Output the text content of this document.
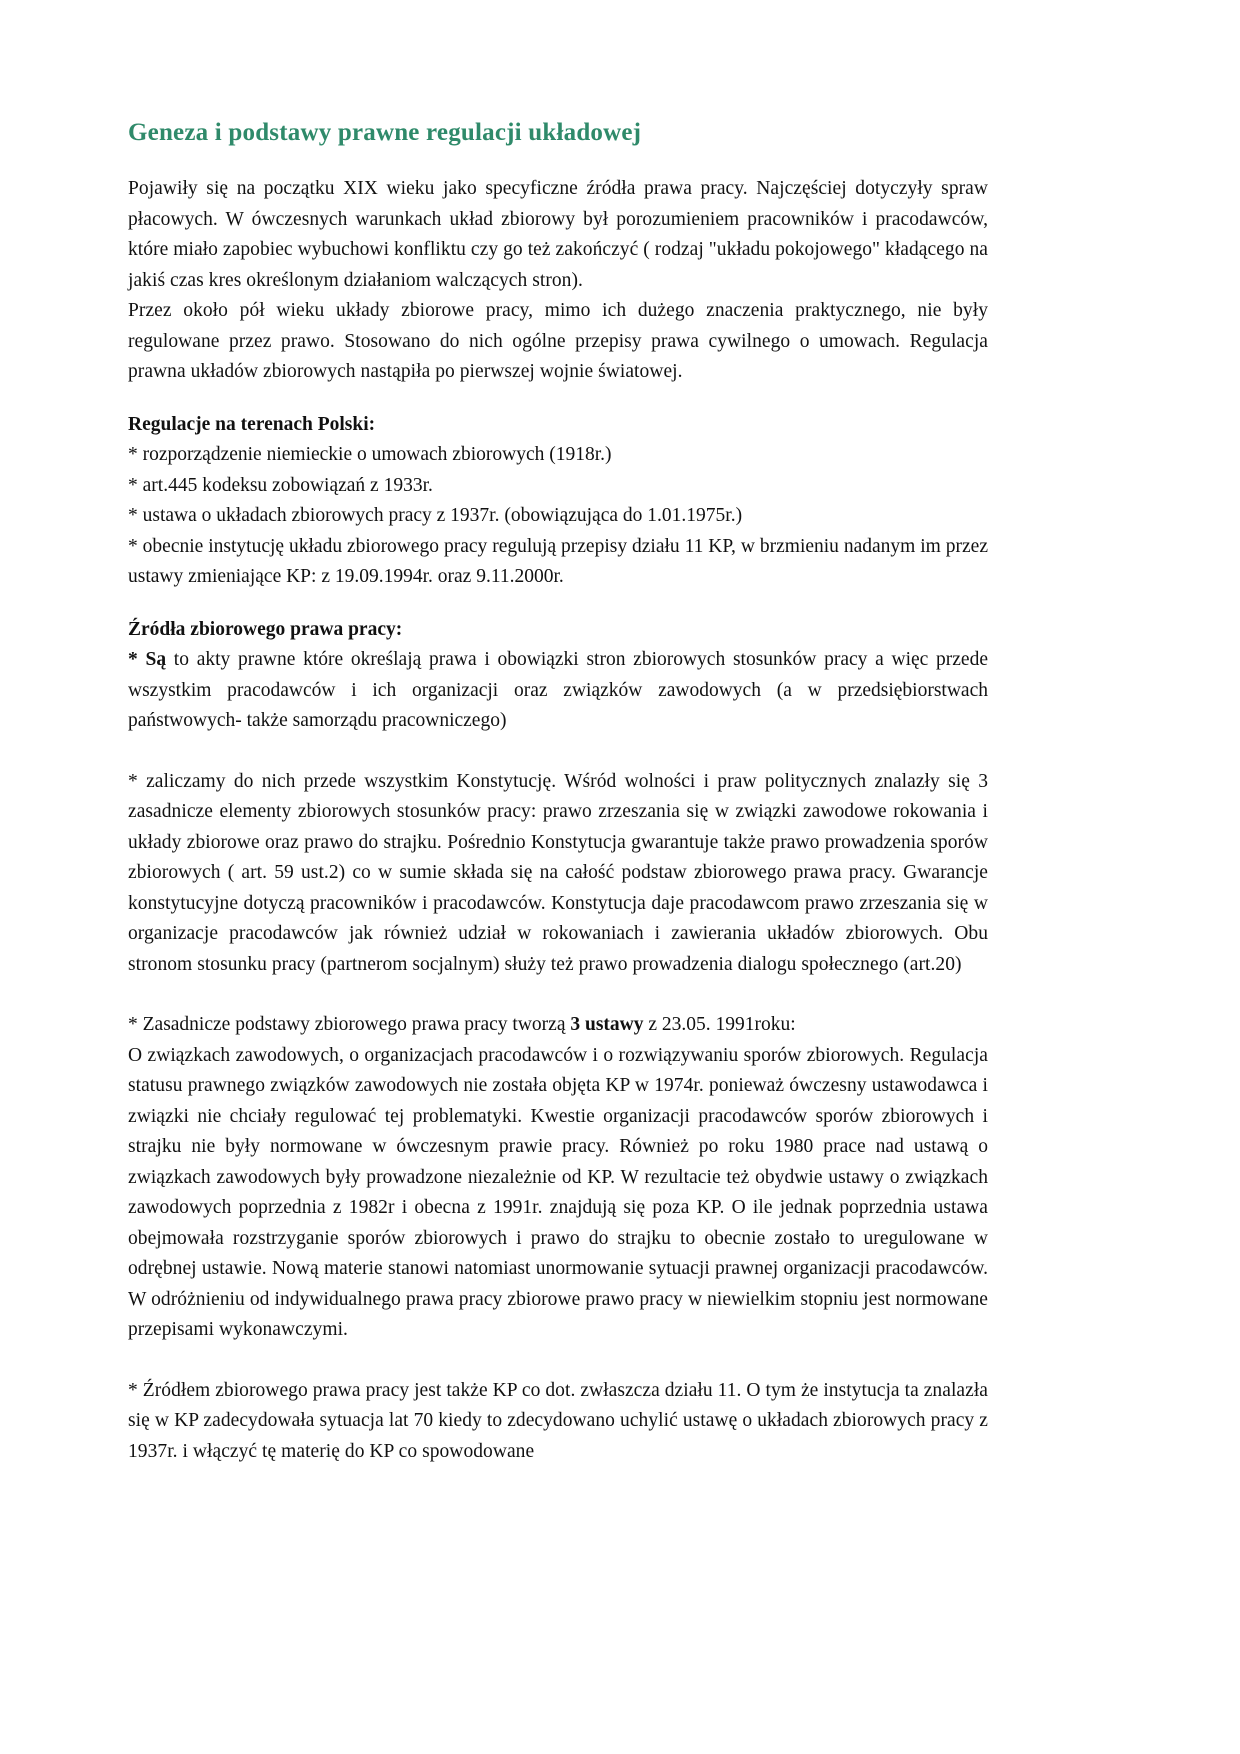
Geneza i podstawy prawne regulacji układowej

Pojawiły się na początku XIX wieku jako specyficzne źródła prawa pracy. Najczęściej dotyczyły spraw płacowych. W ówczesnych warunkach układ zbiorowy był porozumieniem pracowników i pracodawców, które miało zapobiec wybuchowi konfliktu czy go też zakończyć ( rodzaj "układu pokojowego" kładącego na jakiś czas kres określonym działaniom walczących stron).

Przez około pół wieku układy zbiorowe pracy, mimo ich dużego znaczenia praktycznego, nie były regulowane przez prawo. Stosowano do nich ogólne przepisy prawa cywilnego o umowach. Regulacja prawna układów zbiorowych nastąpiła po pierwszej wojnie światowej.

Regulacje na terenach Polski:

* rozporządzenie niemieckie o umowach zbiorowych (1918r.)

* art.445 kodeksu zobowiązań z 1933r.

* ustawa o układach zbiorowych pracy z 1937r. (obowiązująca do 1.01.1975r.)

* obecnie instytucję układu zbiorowego pracy regulują przepisy działu 11 KP, w brzmieniu nadanym im przez ustawy zmieniające KP: z 19.09.1994r. oraz 9.11.2000r.

Źródła zbiorowego prawa pracy:

* Są to akty prawne które określają prawa i obowiązki stron zbiorowych stosunków pracy a więc przede wszystkim pracodawców i ich organizacji oraz związków zawodowych (a w przedsiębiorstwach państwowych- także samorządu pracowniczego)

* zaliczamy do nich przede wszystkim Konstytucję. Wśród wolności i praw politycznych znalazły się 3 zasadnicze elementy zbiorowych stosunków pracy: prawo zrzeszania się w związki zawodowe rokowania i układy zbiorowe oraz prawo do strajku. Pośrednio Konstytucja gwarantuje także prawo prowadzenia sporów zbiorowych ( art. 59 ust.2) co w sumie składa się na całość podstaw zbiorowego prawa pracy. Gwarancje konstytucyjne dotyczą pracowników i pracodawców. Konstytucja daje pracodawcom prawo zrzeszania się w organizacje pracodawców jak również udział w rokowaniach i zawierania układów zbiorowych. Obu stronom stosunku pracy (partnerom socjalnym) służy też prawo prowadzenia dialogu społecznego (art.20)

* Zasadnicze podstawy zbiorowego prawa pracy tworzą 3 ustawy z 23.05. 1991roku:

O związkach zawodowych, o organizacjach pracodawców i o rozwiązywaniu sporów zbiorowych. Regulacja statusu prawnego związków zawodowych nie została objęta KP w 1974r. ponieważ ówczesny ustawodawca i związki nie chciały regulować tej problematyki. Kwestie organizacji pracodawców sporów zbiorowych i strajku nie były normowane w ówczesnym prawie pracy. Również po roku 1980 prace nad ustawą o związkach zawodowych były prowadzone niezależnie od KP. W rezultacie też obydwie ustawy o związkach zawodowych poprzednia z 1982r i obecna z 1991r. znajdują się poza KP. O ile jednak poprzednia ustawa obejmowała rozstrzyganie sporów zbiorowych i prawo do strajku to obecnie zostało to uregulowane w odrębnej ustawie. Nową materie stanowi natomiast unormowanie sytuacji prawnej organizacji pracodawców. W odróżnieniu od indywidualnego prawa pracy zbiorowe prawo pracy w niewielkim stopniu jest normowane przepisami wykonawczymi.

* Źródłem zbiorowego prawa pracy jest także KP co dot. zwłaszcza działu 11. O tym że instytucja ta znalazła się w KP zadecydowała sytuacja lat 70 kiedy to zdecydowano uchylić ustawę o układach zbiorowych pracy z 1937r. i włączyć tę materię do KP co spowodowane
